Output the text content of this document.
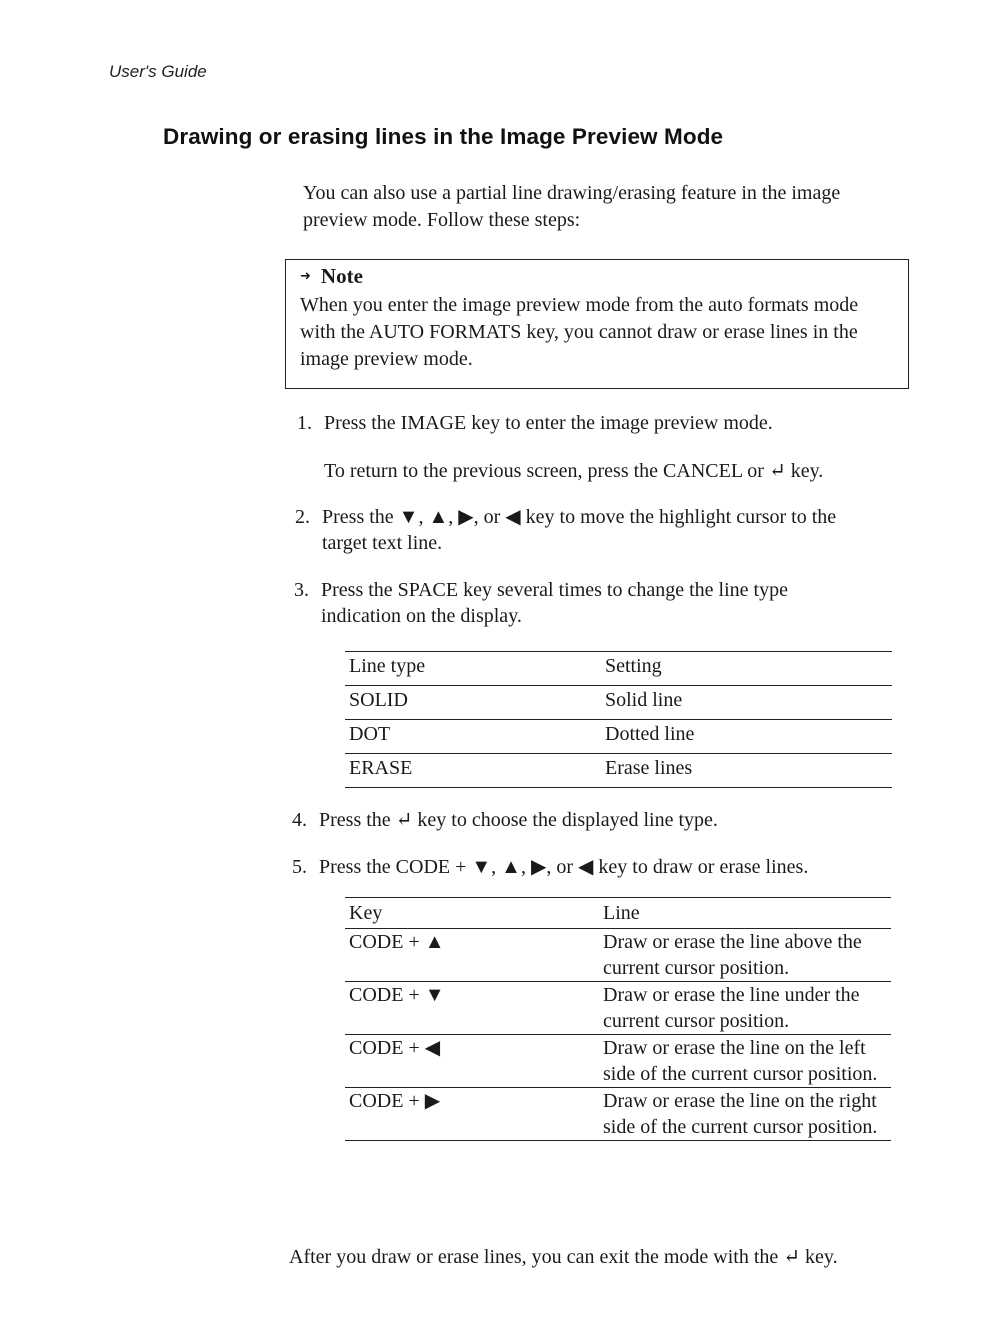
User's Guide
Drawing or erasing lines in the Image Preview Mode
You can also use a partial line drawing/erasing feature in the image preview mode. Follow these steps:
➜ Note
When you enter the image preview mode from the auto formats mode with the AUTO FORMATS key, you cannot draw or erase lines in the image preview mode.
1. Press the IMAGE key to enter the image preview mode.
To return to the previous screen, press the CANCEL or ↵ key.
2. Press the ▼, ▲, ▶, or ◀ key to move the highlight cursor to the target text line.
3. Press the SPACE key several times to change the line type indication on the display.
Line type	Setting
SOLID	Solid line
DOT	Dotted line
ERASE	Erase lines
4. Press the ↵ key to choose the displayed line type.
5. Press the CODE + ▼, ▲, ▶, or ◀ key to draw or erase lines.
Key	Line
CODE + ▲	Draw or erase the line above the current cursor position.
CODE + ▼	Draw or erase the line under the current cursor position.
CODE + ◀	Draw or erase the line on the left side of the current cursor position.
CODE + ▶	Draw or erase the line on the right side of the current cursor position.
After you draw or erase lines, you can exit the mode with the ↵ key.
